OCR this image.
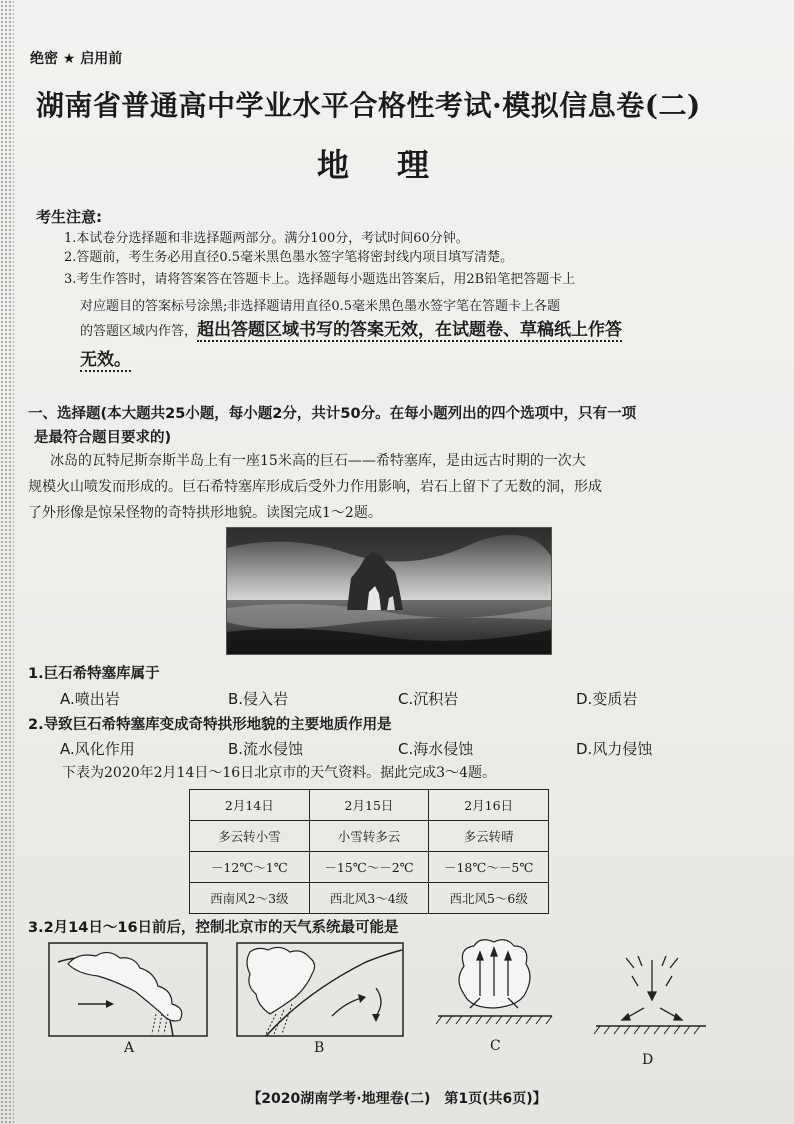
绝密 ★ 启用前
湖南省普通高中学业水平合格性考试·模拟信息卷(二)
地理
考生注意:
1.本试卷分选择题和非选择题两部分。满分100分，考试时间60分钟。
2.答题前，考生务必用直径0.5毫米黑色墨水签字笔将密封线内项目填写清楚。
3.考生作答时，请将答案答在答题卡上。选择题每小题选出答案后，用2B铅笔把答题卡上
对应题目的答案标号涂黑;非选择题请用直径0.5毫米黑色墨水签字笔在答题卡上各题
的答题区域内作答，超出答题区域书写的答案无效，在试题卷、草稿纸上作答
无效。
一、选择题(本大题共25小题，每小题2分，共计50分。在每小题列出的四个选项中，只有一项
是最符合题目要求的)
　冰岛的瓦特尼斯奈斯半岛上有一座15米高的巨石——希特塞库，是由远古时期的一次大
规模火山喷发而形成的。巨石希特塞库形成后受外力作用影响，岩石上留下了无数的洞，形成
了外形像是惊呆怪物的奇特拱形地貌。读图完成1～2题。
1.巨石希特塞库属于
A.喷出岩	B.侵入岩	C.沉积岩	D.变质岩
2.导致巨石希特塞库变成奇特拱形地貌的主要地质作用是
A.风化作用	B.流水侵蚀	C.海水侵蚀	D.风力侵蚀
下表为2020年2月14日～16日北京市的天气资料。据此完成3～4题。
2月14日	2月15日	2月16日
多云转小雪	小雪转多云	多云转晴
－12℃～1℃	－15℃～－2℃	－18℃～－5℃
西南风2～3级	西北风3～4级	西北风5～6级
3.2月14日～16日前后，控制北京市的天气系统最可能是
A	B	C
D
【2020湖南学考·地理卷(二)　第1页(共6页)】
